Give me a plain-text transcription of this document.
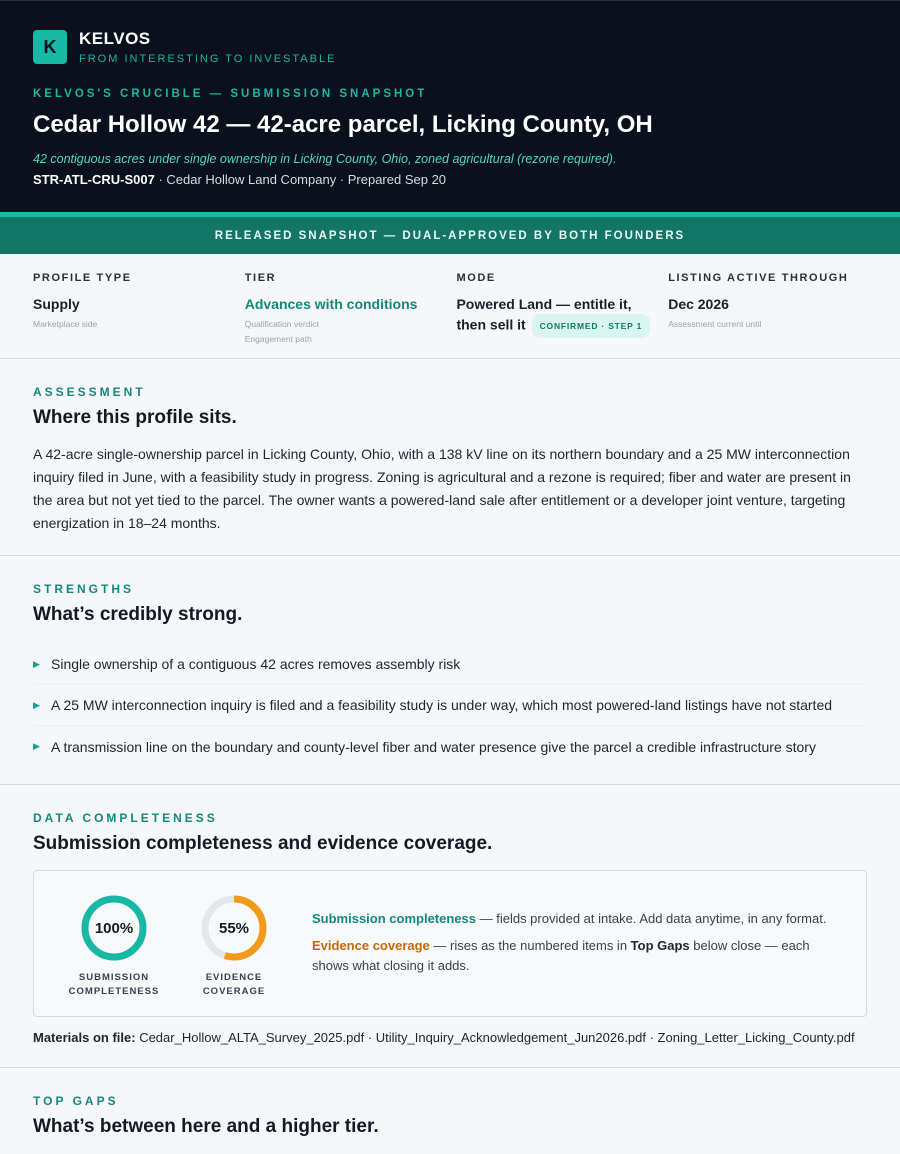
K	KELVOS
FROM INTERESTING TO INVESTABLE
KELVOS'S CRUCIBLE — SUBMISSION SNAPSHOT
Cedar Hollow 42 — 42-acre parcel, Licking County, OH
42 contiguous acres under single ownership in Licking County, Ohio, zoned agricultural (rezone required).
STR-ATL-CRU-S007 · Cedar Hollow Land Company · Prepared Sep 20
RELEASED SNAPSHOT — DUAL-APPROVED BY BOTH FOUNDERS
PROFILE TYPE
Supply
Marketplace side
TIER
Advances with conditions
Qualification verdict
Engagement path
MODE
Powered Land — entitle it,
then sell it CONFIRMED · STEP 1
LISTING ACTIVE THROUGH
Dec 2026
Assessment current until
ASSESSMENT
Where this profile sits.
A 42-acre single-ownership parcel in Licking County, Ohio, with a 138 kV line on its northern boundary and a 25 MW interconnection inquiry filed in June, with a feasibility study in progress. Zoning is agricultural and a rezone is required; fiber and water are present in the area but not yet tied to the parcel. The owner wants a powered-land sale after entitlement or a developer joint venture, targeting energization in 18–24 months.
STRENGTHS
What’s credibly strong.
▶ Single ownership of a contiguous 42 acres removes assembly risk
▶ A 25 MW interconnection inquiry is filed and a feasibility study is under way, which most powered-land listings have not started
▶ A transmission line on the boundary and county-level fiber and water presence give the parcel a credible infrastructure story
DATA COMPLETENESS
Submission completeness and evidence coverage.
100%
SUBMISSION
COMPLETENESS
55%
EVIDENCE
COVERAGE

Submission completeness — fields provided at intake. Add data anytime, in any format.

Evidence coverage — rises as the numbered items in Top Gaps below close — each shows what closing it adds.

Materials on file: Cedar_Hollow_ALTA_Survey_2025.pdf · Utility_Inquiry_Acknowledgement_Jun2026.pdf · Zoning_Letter_Licking_County.pdf
TOP GAPS
What’s between here and a higher tier.
